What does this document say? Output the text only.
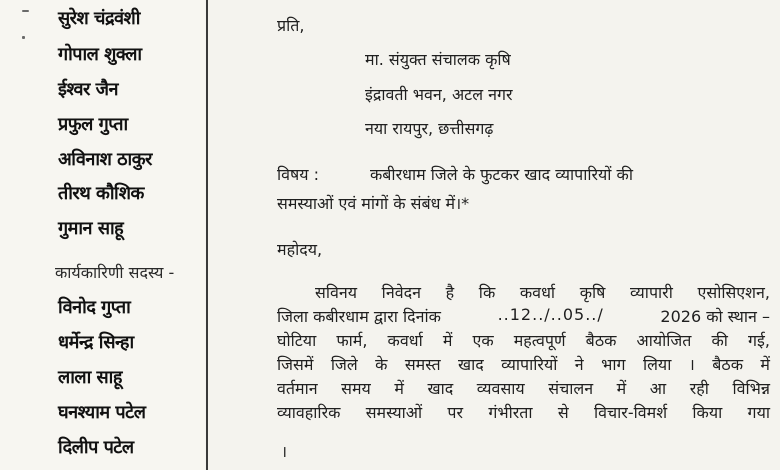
सुरेश चंद्रवंशी
गोपाल शुक्ला
ईश्वर जैन
प्रफुल गुप्ता
अविनाश ठाकुर
तीरथ कौशिक
गुमान साहू
कार्यकारिणी सदस्य -
विनोद गुप्ता
धर्मेन्द्र सिन्हा
लाला साहू
घनश्याम पटेल
दिलीप पटेल
प्रति,
मा. संयुक्त संचालक कृषि
इंद्रावती भवन, अटल नगर
नया रायपुर, छत्तीसगढ़
विषय :	कबीरधाम जिले के फुटकर खाद व्यापारियों की
समस्याओं एवं मांगों के संबंध में।*
महोदय,
सविनय निवेदन है कि कवर्धा कृषि व्यापारी एसोसिएशन,
जिला कबीरधाम द्वारा दिनांक	..12../..05../	2026 को स्थान –
घोटिया फार्म, कवर्धा में एक महत्वपूर्ण बैठक आयोजित की गई,
जिसमें जिले के समस्त खाद व्यापारियों ने भाग लिया । बैठक में
वर्तमान समय में खाद व्यवसाय संचालन में आ रही विभिन्न
व्यावहारिक समस्याओं पर गंभीरता से विचार-विमर्श किया गया
।
